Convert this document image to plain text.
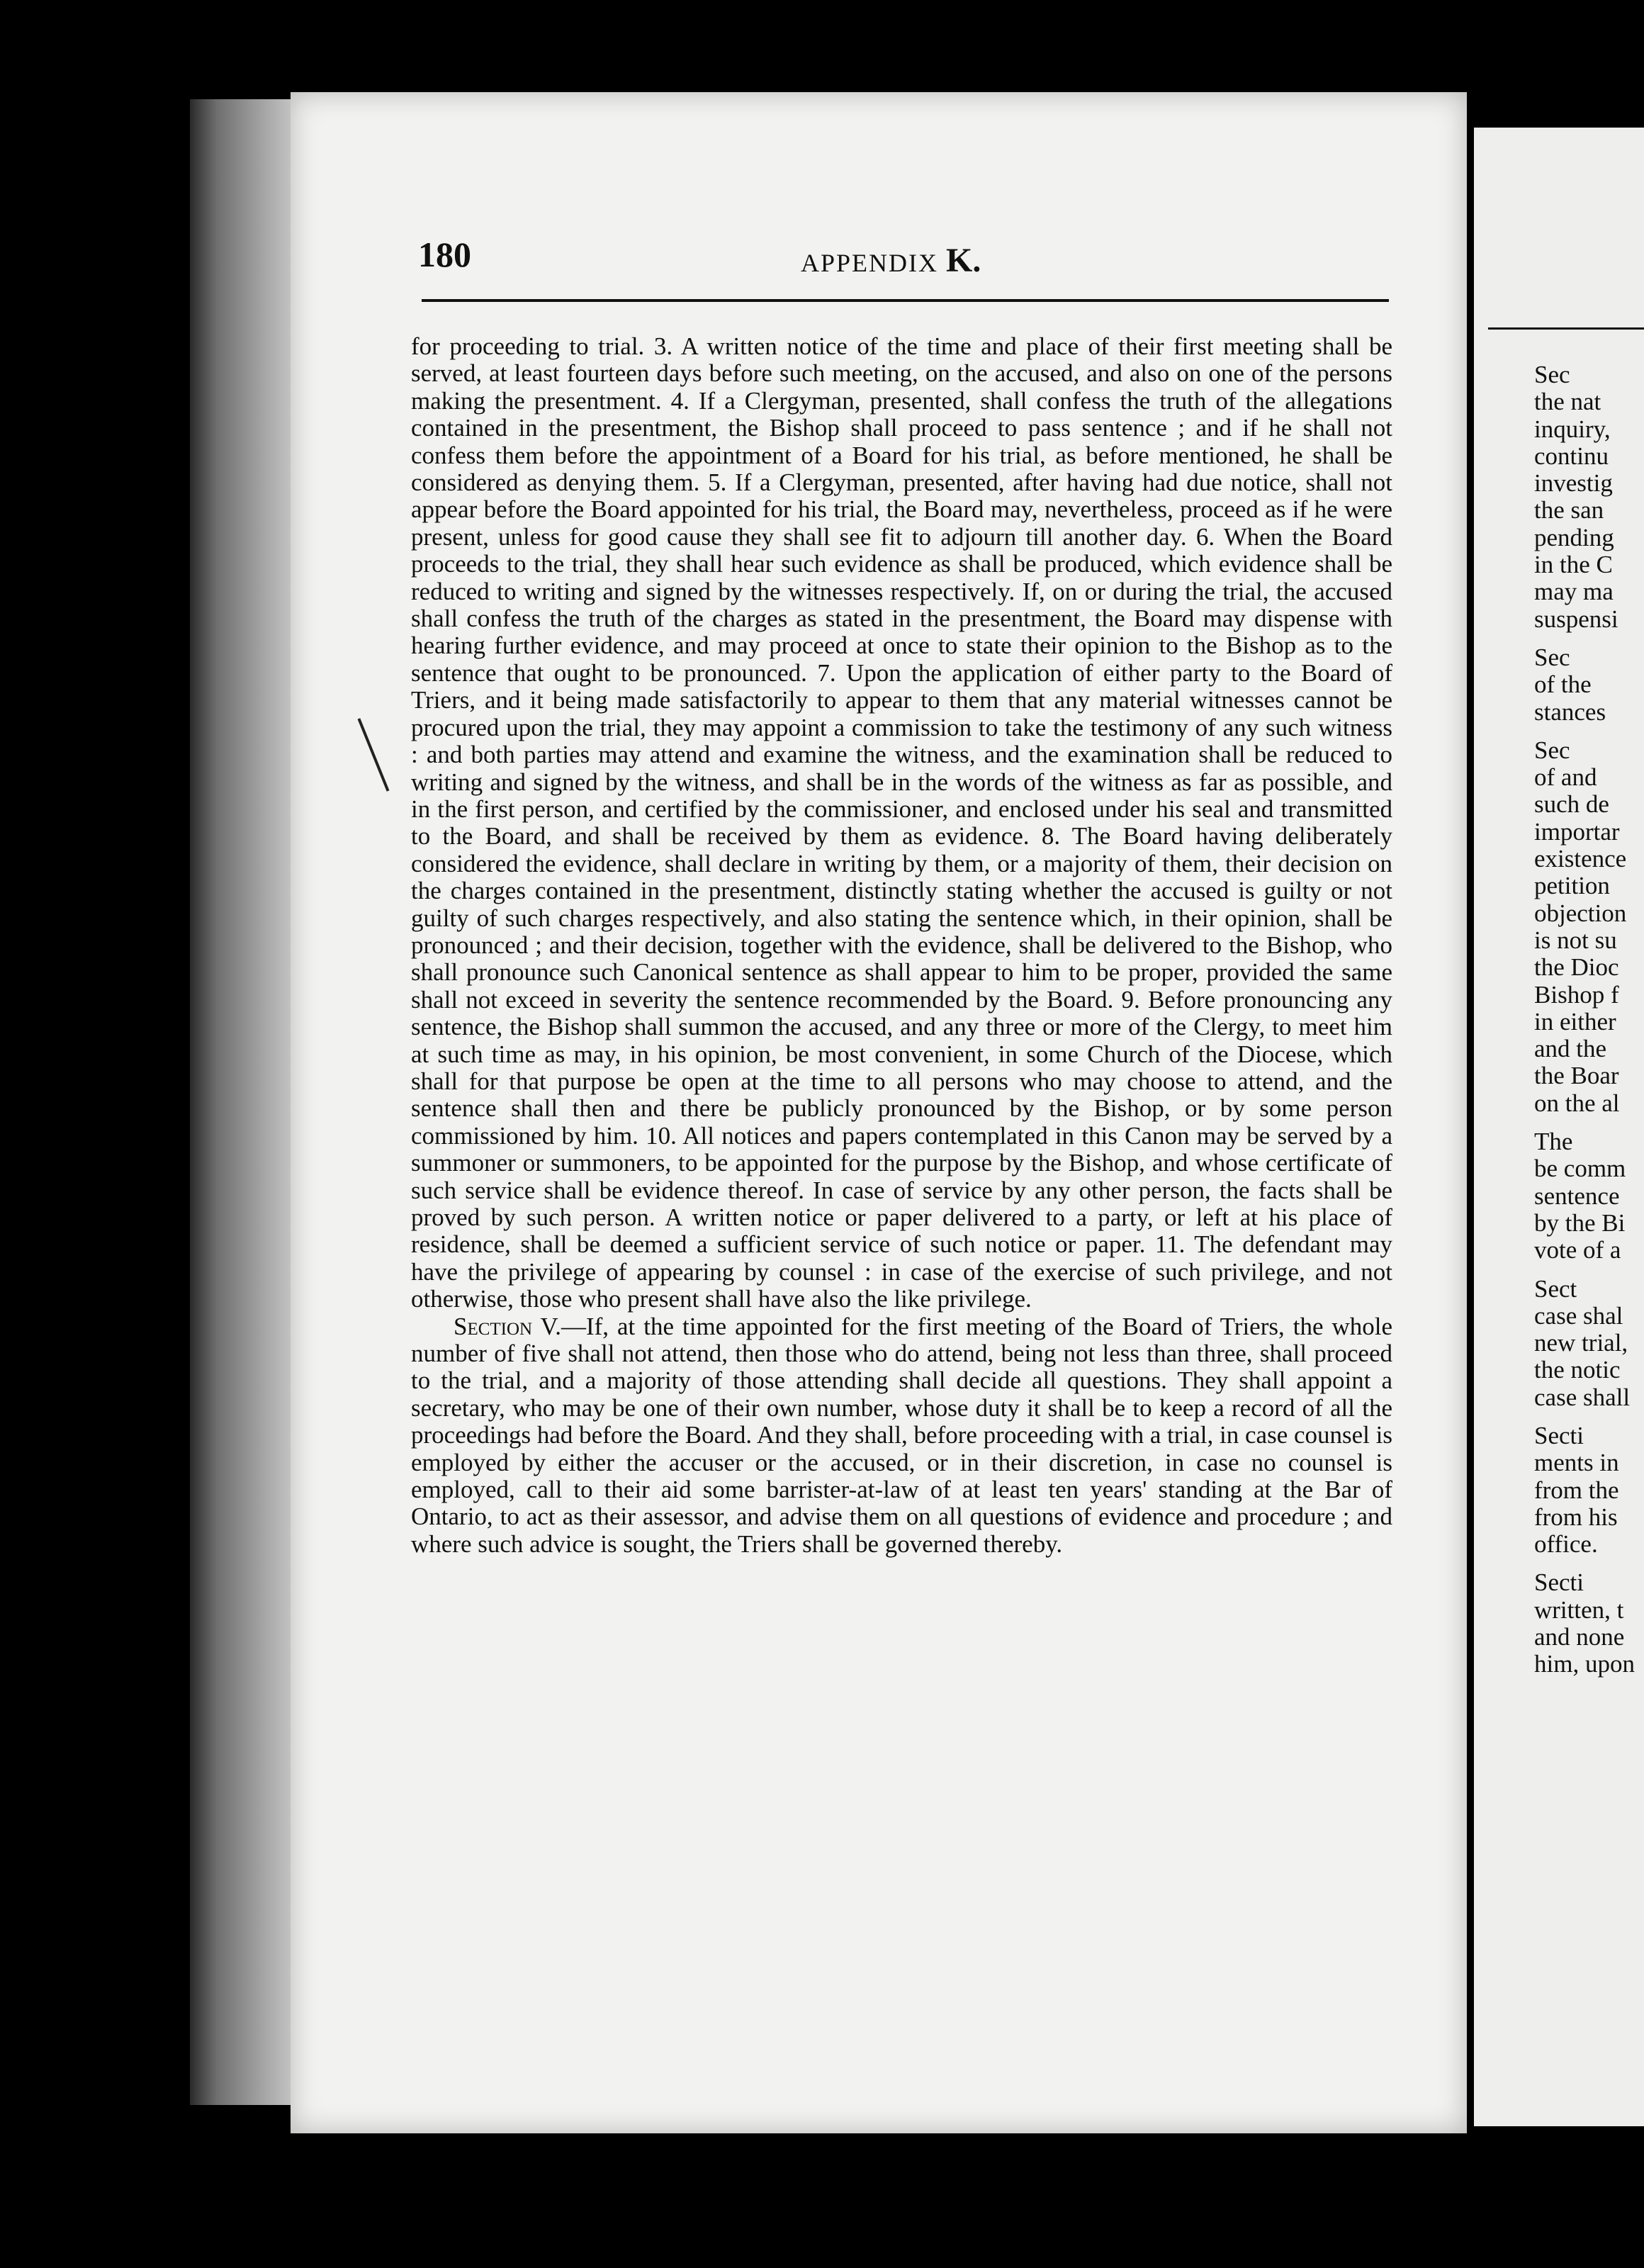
180	APPENDIX K.

for proceeding to trial. 3. A written notice of the time and place of their first meeting shall be served, at least fourteen days before such meeting, on the accused, and also on one of the persons making the presentment. 4. If a Clergyman, presented, shall confess the truth of the allegations contained in the presentment, the Bishop shall proceed to pass sentence ; and if he shall not confess them before the appointment of a Board for his trial, as before mentioned, he shall be considered as denying them. 5. If a Clergyman, presented, after having had due notice, shall not appear before the Board appointed for his trial, the Board may, nevertheless, proceed as if he were present, unless for good cause they shall see fit to adjourn till another day. 6. When the Board proceeds to the trial, they shall hear such evidence as shall be produced, which evidence shall be reduced to writing and signed by the witnesses respectively. If, on or during the trial, the accused shall confess the truth of the charges as stated in the presentment, the Board may dispense with hearing further evidence, and may proceed at once to state their opinion to the Bishop as to the sentence that ought to be pronounced. 7. Upon the application of either party to the Board of Triers, and it being made satisfactorily to appear to them that any material witnesses cannot be procured upon the trial, they may appoint a commission to take the testimony of any such witness : and both parties may attend and examine the witness, and the examination shall be reduced to writing and signed by the witness, and shall be in the words of the witness as far as possible, and in the first person, and certified by the commissioner, and enclosed under his seal and transmitted to the Board, and shall be received by them as evidence. 8. The Board having deliberately considered the evidence, shall declare in writing by them, or a majority of them, their decision on the charges contained in the presentment, distinctly stating whether the accused is guilty or not guilty of such charges respectively, and also stating the sentence which, in their opinion, shall be pronounced ; and their decision, together with the evidence, shall be delivered to the Bishop, who shall pronounce such Canonical sentence as shall appear to him to be proper, provided the same shall not exceed in severity the sentence recommended by the Board. 9. Before pronouncing any sentence, the Bishop shall summon the accused, and any three or more of the Clergy, to meet him at such time as may, in his opinion, be most convenient, in some Church of the Diocese, which shall for that purpose be open at the time to all persons who may choose to attend, and the sentence shall then and there be publicly pronounced by the Bishop, or by some person commissioned by him. 10. All notices and papers contemplated in this Canon may be served by a summoner or summoners, to be appointed for the purpose by the Bishop, and whose certificate of such service shall be evidence thereof. In case of service by any other person, the facts shall be proved by such person. A written notice or paper delivered to a party, or left at his place of residence, shall be deemed a sufficient service of such notice or paper. 11. The defendant may have the privilege of appearing by counsel : in case of the exercise of such privilege, and not otherwise, those who present shall have also the like privilege.

Section V.—If, at the time appointed for the first meeting of the Board of Triers, the whole number of five shall not attend, then those who do attend, being not less than three, shall proceed to the trial, and a majority of those attending shall decide all questions. They shall appoint a secretary, who may be one of their own number, whose duty it shall be to keep a record of all the proceedings had before the Board. And they shall, before proceeding with a trial, in case counsel is employed by either the accuser or the accused, or in their discretion, in case no counsel is employed, call to their aid some barrister-at-law of at least ten years' standing at the Bar of Ontario, to act as their assessor, and advise them on all questions of evidence and procedure ; and where such advice is sought, the Triers shall be governed thereby.

Sec
the nat
inquiry,
continu
investig
the san
pending
in the C
may ma
suspensi
Sec
of the
stances
Sec
of and
such de
importar
existence
petition
objection
is not su
the Dioc
Bishop f
in either
and the
the Boar
on the al
The
be comm
sentence
by the Bi
vote of a
Sect
case shal
new trial,
the notic
case shall
Secti
ments in
from the
from his
office.
Secti
written, t
and none
him, upon
